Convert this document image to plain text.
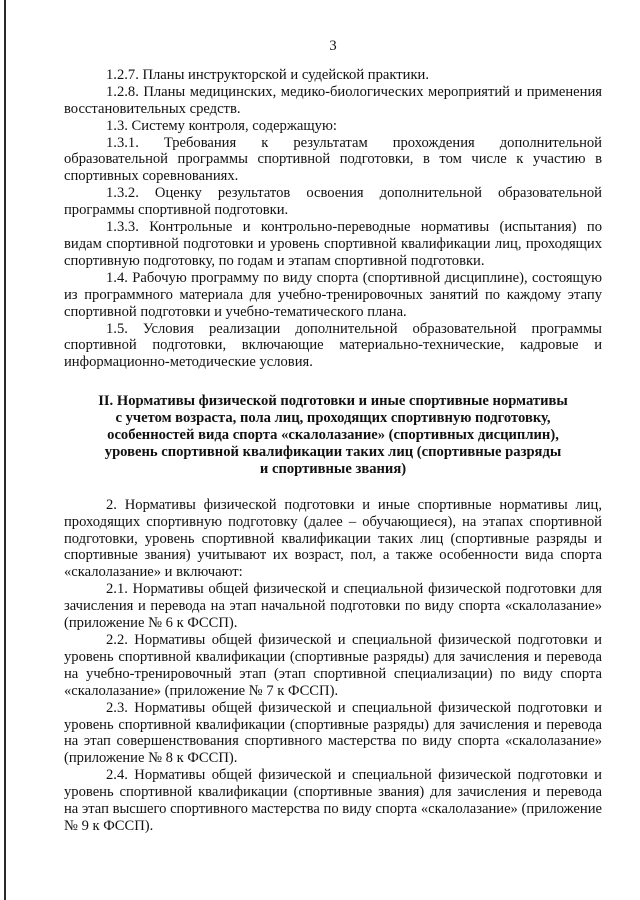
3

1.2.7. Планы инструкторской и судейской практики.

1.2.8. Планы медицинских, медико-биологических мероприятий и применения восстановительных средств.

1.3. Систему контроля, содержащую:

1.3.1. Требования к результатам прохождения дополнительной образовательной программы спортивной подготовки, в том числе к участию в спортивных соревнованиях.

1.3.2. Оценку результатов освоения дополнительной образовательной программы спортивной подготовки.

1.3.3. Контрольные и контрольно-переводные нормативы (испытания) по видам спортивной подготовки и уровень спортивной квалификации лиц, проходящих спортивную подготовку, по годам и этапам спортивной подготовки.

1.4. Рабочую программу по виду спорта (спортивной дисциплине), состоящую из программного материала для учебно-тренировочных занятий по каждому этапу спортивной подготовки и учебно-тематического плана.

1.5. Условия реализации дополнительной образовательной программы спортивной подготовки, включающие материально-технические, кадровые и информационно-методические условия.

II. Нормативы физической подготовки и иные спортивные нормативы
с учетом возраста, пола лиц, проходящих спортивную подготовку,
особенностей вида спорта «скалолазание» (спортивных дисциплин),
уровень спортивной квалификации таких лиц (спортивные разряды
и спортивные звания)

2. Нормативы физической подготовки и иные спортивные нормативы лиц, проходящих спортивную подготовку (далее – обучающиеся), на этапах спортивной подготовки, уровень спортивной квалификации таких лиц (спортивные разряды и спортивные звания) учитывают их возраст, пол, а также особенности вида спорта «скалолазание» и включают:

2.1. Нормативы общей физической и специальной физической подготовки для зачисления и перевода на этап начальной подготовки по виду спорта «скалолазание» (приложение № 6 к ФССП).

2.2. Нормативы общей физической и специальной физической подготовки и уровень спортивной квалификации (спортивные разряды) для зачисления и перевода на учебно-тренировочный этап (этап спортивной специализации) по виду спорта «скалолазание» (приложение № 7 к ФССП).

2.3. Нормативы общей физической и специальной физической подготовки и уровень спортивной квалификации (спортивные разряды) для зачисления и перевода на этап совершенствования спортивного мастерства по виду спорта «скалолазание» (приложение № 8 к ФССП).

2.4. Нормативы общей физической и специальной физической подготовки и уровень спортивной квалификации (спортивные звания) для зачисления и перевода на этап высшего спортивного мастерства по виду спорта «скалолазание» (приложение № 9 к ФССП).
